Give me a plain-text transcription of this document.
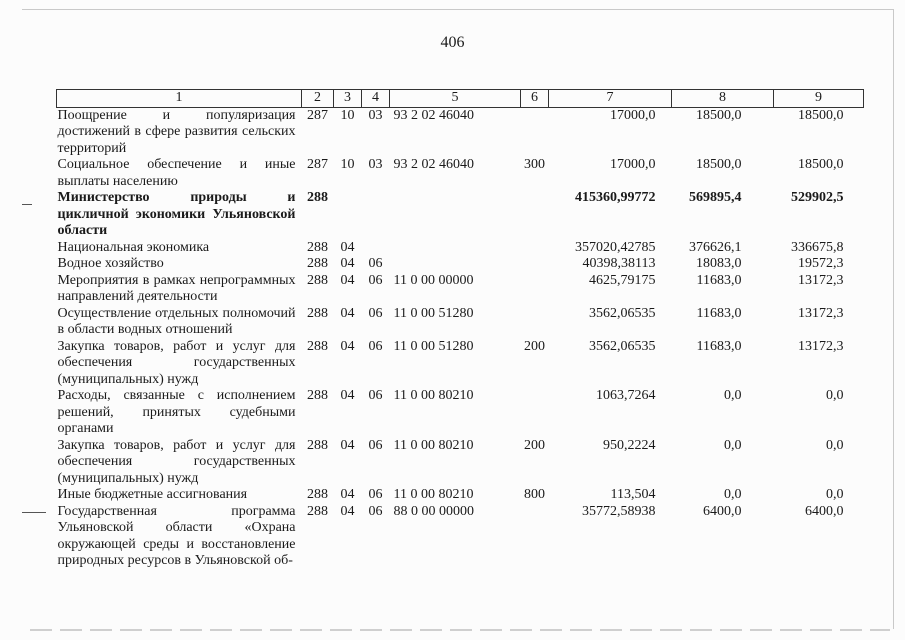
406
1	2	3	4	5	6	7	8	9
Поощрение и популяризация достижений в сфере развития сельских территорий	287	10	03	93 2 02 46040		17000,0	18500,0	18500,0
Социальное обеспечение и иные выплаты населению	287	10	03	93 2 02 46040	300	17000,0	18500,0	18500,0
Министерство природы и цикличной экономики Ульяновской области	288					415360,99772	569895,4	529902,5
Национальная экономика	288	04				357020,42785	376626,1	336675,8
Водное хозяйство	288	04	06			40398,38113	18083,0	19572,3
Мероприятия в рамках непрограммных направлений деятельности	288	04	06	11 0 00 00000		4625,79175	11683,0	13172,3
Осуществление отдельных полномочий в области водных отношений	288	04	06	11 0 00 51280		3562,06535	11683,0	13172,3
Закупка товаров, работ и услуг для обеспечения государственных (муниципальных) нужд	288	04	06	11 0 00 51280	200	3562,06535	11683,0	13172,3
Расходы, связанные с исполнением решений, принятых судебными органами	288	04	06	11 0 00 80210		1063,7264	0,0	0,0
Закупка товаров, работ и услуг для обеспечения государственных (муниципальных) нужд	288	04	06	11 0 00 80210	200	950,2224	0,0	0,0
Иные бюджетные ассигнования	288	04	06	11 0 00 80210	800	113,504	0,0	0,0
Государственная программа Ульяновской области «Охрана окружающей среды и восстановление природных ресурсов в Ульяновской об-	288	04	06	88 0 00 00000		35772,58938	6400,0	6400,0
